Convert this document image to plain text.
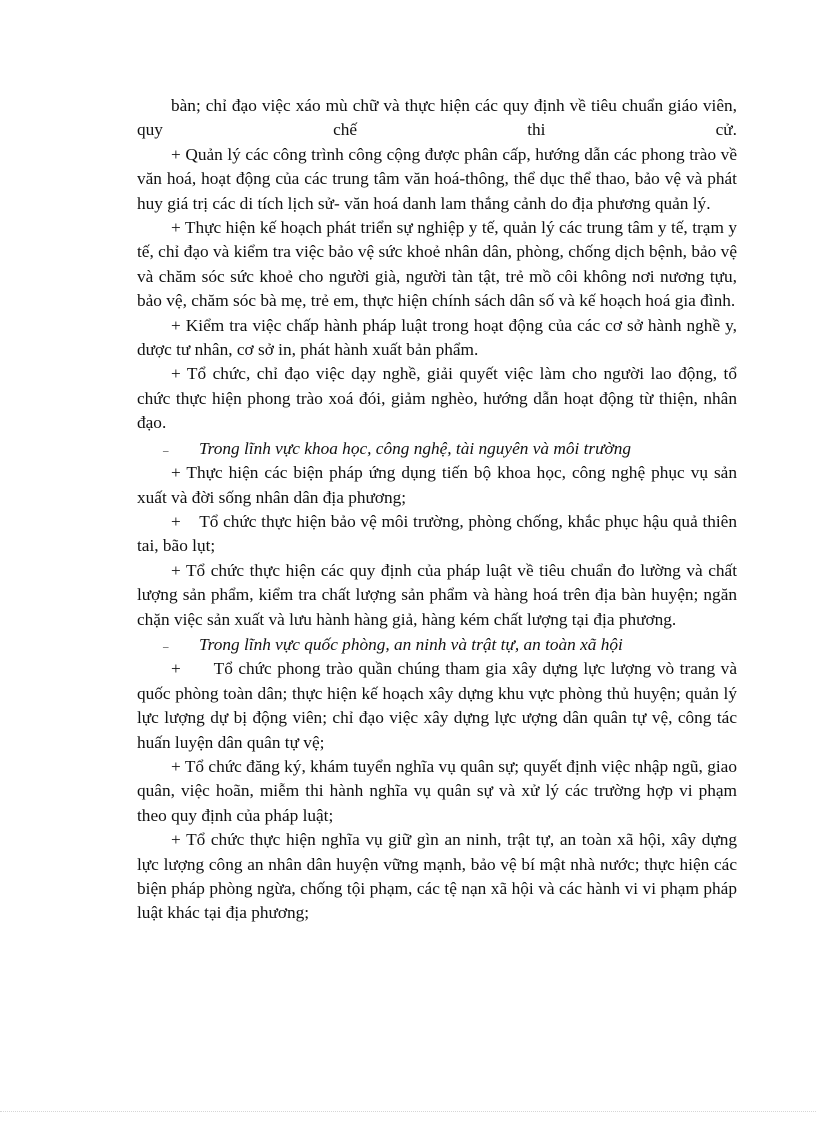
bàn; chỉ đạo việc xáo mù chữ và thực hiện các quy định về tiêu chuẩn giáo viên, quy chế thi cử.

+ Quản lý các công trình công cộng được phân cấp, hướng dẫn các phong trào về văn hoá, hoạt động của các trung tâm văn hoá-thông, thể dục thể thao, bảo vệ và phát huy giá trị các di tích lịch sử- văn hoá danh lam thắng cảnh do địa phương quản lý.

+ Thực hiện kế hoạch phát triển sự nghiệp y tế, quản lý các trung tâm y tế, trạm y tế, chỉ đạo và kiểm tra việc bảo vệ sức khoẻ nhân dân, phòng, chống dịch bệnh, bảo vệ và chăm sóc sức khoẻ cho người già, người tàn tật, trẻ mồ côi không nơi nương tựu, bảo vệ, chăm sóc bà mẹ, trẻ em, thực hiện chính sách dân số và kế hoạch hoá gia đình.

+ Kiểm tra việc chấp hành pháp luật trong hoạt động của các cơ sở hành nghề y, dược tư nhân, cơ sở in, phát hành xuất bản phẩm.

+ Tổ chức, chỉ đạo việc dạy nghề, giải quyết việc làm cho người lao động, tổ chức thực hiện phong trào xoá đói, giảm nghèo, hướng dẫn hoạt động từ thiện, nhân đạo.

– Trong lĩnh vực khoa học, công nghệ, tài nguyên và môi trường

+ Thực hiện các biện pháp ứng dụng tiến bộ khoa học, công nghệ phục vụ sản xuất và đời sống nhân dân địa phương;

+    Tổ chức thực hiện bảo vệ môi trường, phòng chống, khắc phục hậu quả thiên tai, bão lụt;

+ Tổ chức thực hiện các quy định của pháp luật về tiêu chuẩn đo lường và chất lượng sản phẩm, kiểm tra chất lượng sản phẩm và hàng hoá trên địa bàn huyện; ngăn chặn việc sản xuất và lưu hành hàng giả, hàng kém chất lượng tại địa phương.

– Trong lĩnh vực quốc phòng, an ninh và trật tự, an toàn xã hội

+      Tổ chức phong trào quần chúng tham gia xây dựng lực lượng vò trang và quốc phòng toàn dân; thực hiện kế hoạch xây dựng khu vực phòng thủ huyện; quản lý lực lượng dự bị động viên; chỉ đạo việc xây dựng lực ượng dân quân tự vệ, công tác huấn luyện dân quân tự vệ;

+ Tổ chức đăng ký, khám tuyển nghĩa vụ quân sự; quyết định việc nhập ngũ, giao quân, việc hoãn, miễm thi hành nghĩa vụ quân sự và xử lý các trường hợp vi phạm theo quy định của pháp luật;

+ Tổ chức thực hiện nghĩa vụ giữ gìn an ninh, trật tự, an toàn xã hội, xây dựng lực lượng công an nhân dân huyện vững mạnh, bảo vệ bí mật nhà nước; thực hiện các biện pháp phòng ngừa, chống tội phạm, các tệ nạn xã hội và các hành vi vi phạm pháp luật khác tại địa phương;
